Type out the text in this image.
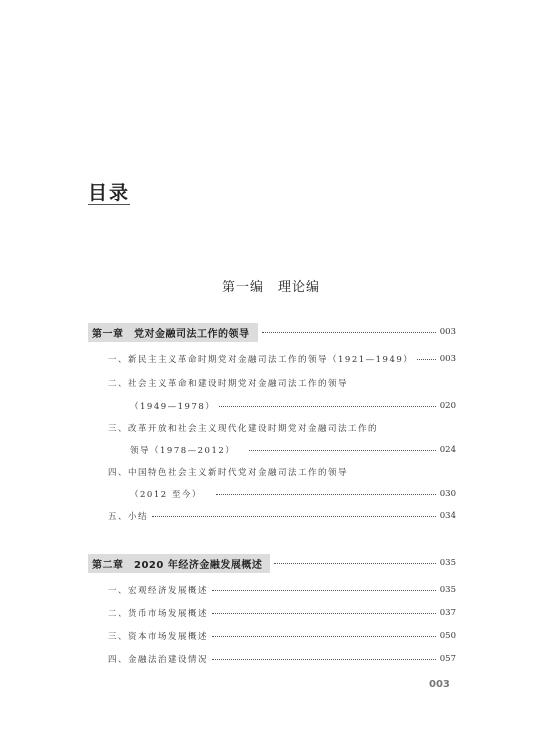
目录
第一编　理论编
第一章　党对金融司法工作的领导	003
一、新民主主义革命时期党对金融司法工作的领导（1921—1949）	003
二、社会主义革命和建设时期党对金融司法工作的领导
（1949—1978）	020
三、改革开放和社会主义现代化建设时期党对金融司法工作的
领导（1978—2012）	024
四、中国特色社会主义新时代党对金融司法工作的领导
（2012 至今）	030
五、小结	034
第二章　2020 年经济金融发展概述	035
一、宏观经济发展概述	035
二、货币市场发展概述	037
三、资本市场发展概述	050
四、金融法治建设情况	057
003
